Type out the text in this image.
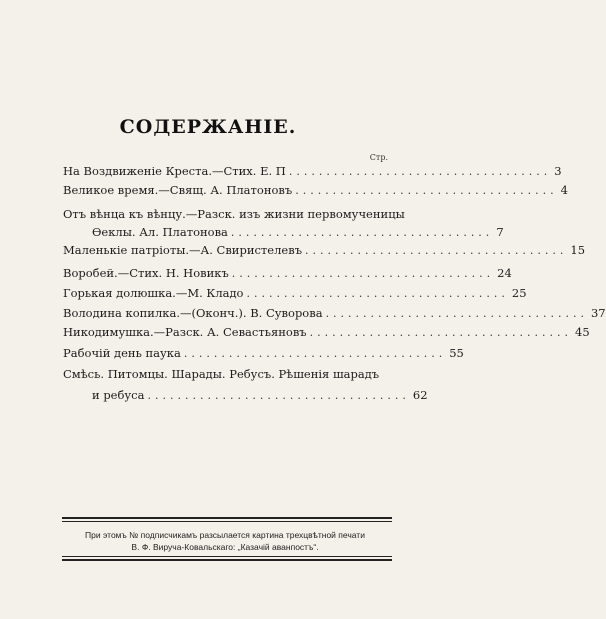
СОДЕРЖАНІЕ.
Стр.
На Воздвиженіе Креста.—Стих. Е. П ................................... 3
Великое время.—Свящ. А. Платоновъ ................................... 4
Отъ вѣнца къ вѣнцу.—Разск. изъ жизни первомученицы
Ѳеклы. Ал. Платонова ................................... 7
Маленькіе патріоты.—А. Свиристелевъ ................................... 15
Воробей.—Стих. Н. Новикъ ................................... 24
Горькая долюшка.—М. Кладо ................................... 25
Володина копилка.—(Оконч.). В. Суворова ................................... 37
Никодимушка.—Разск. А. Севастьяновъ ................................... 45
Рабочій день паука ................................... 55
Смѣсь. Питомцы. Шарады. Ребусъ. Рѣшенія шарадъ
и ребуса ................................... 62
При этомъ № подписчикамъ разсылается картина трехцвѣтной печати
В. Ф. Вируча-Ковальскаго: „Казачій аванпостъ“.
